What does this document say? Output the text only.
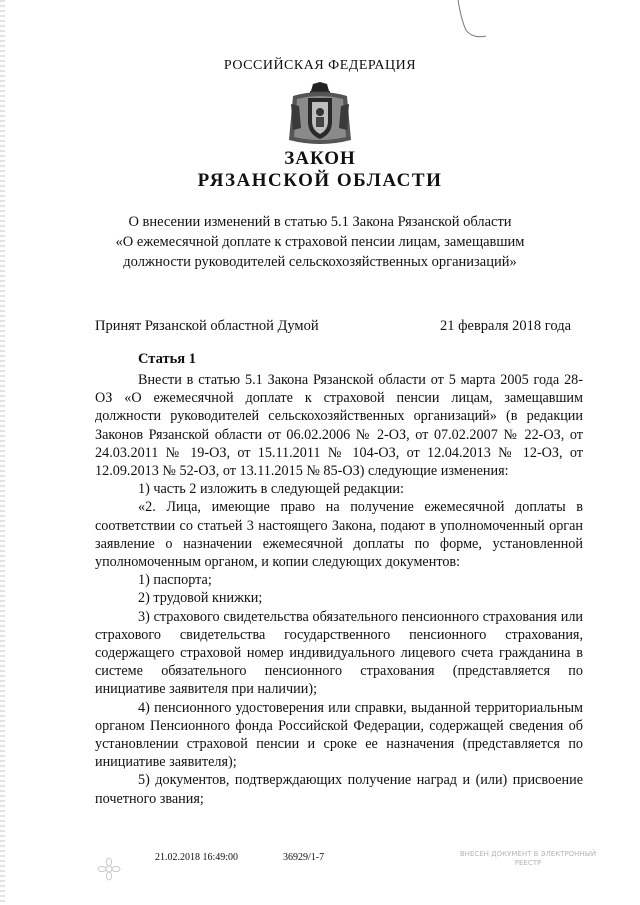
РОССИЙСКАЯ ФЕДЕРАЦИЯ
ЗАКОН
РЯЗАНСКОЙ ОБЛАСТИ
О внесении изменений в статью 5.1 Закона Рязанской области
«О ежемесячной доплате к страховой пенсии лицам, замещавшим
должности руководителей сельскохозяйственных организаций»
Принят Рязанской областной Думой	21 февраля 2018 года
Статья 1

Внести в статью 5.1 Закона Рязанской области от 5 марта 2005 года 28-ОЗ «О ежемесячной доплате к страховой пенсии лицам, замещавшим должности руководителей сельскохозяйственных организаций» (в редакции Законов Рязанской области от 06.02.2006 № 2-ОЗ, от 07.02.2007 № 22-ОЗ, от 24.03.2011 № 19-ОЗ, от 15.11.2011 № 104-ОЗ, от 12.04.2013 № 12-ОЗ, от 12.09.2013 № 52-ОЗ, от 13.11.2015 № 85-ОЗ) следующие изменения:

1) часть 2 изложить в следующей редакции:

«2. Лица, имеющие право на получение ежемесячной доплаты в соответствии со статьей 3 настоящего Закона, подают в уполномоченный орган заявление о назначении ежемесячной доплаты по форме, установленной уполномоченным органом, и копии следующих документов:

1) паспорта;

2) трудовой книжки;

3) страхового свидетельства обязательного пенсионного страхования или страхового свидетельства государственного пенсионного страхования, содержащего страховой номер индивидуального лицевого счета гражданина в системе обязательного пенсионного страхования (представляется по инициативе заявителя при наличии);

4) пенсионного удостоверения или справки, выданной территориальным органом Пенсионного фонда Российской Федерации, содержащей сведения об установлении страховой пенсии и сроке ее назначения (представляется по инициативе заявителя);

5) документов, подтверждающих получение наград и (или) присвоение почетного звания;

21.02.2018 16:49:00	36929/1-7	ВНЕСЕН ДОКУМЕНТ В ЭЛЕКТРОННЫЙ РЕЕСТР
